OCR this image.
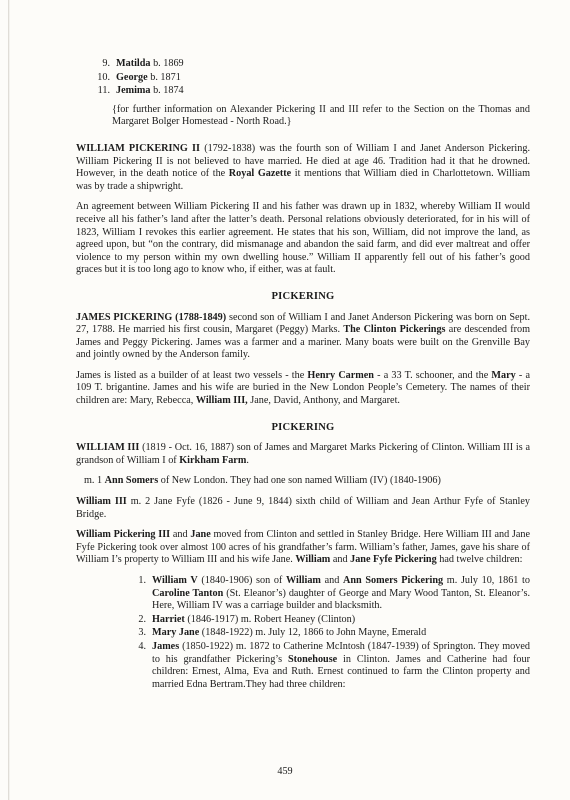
9. Matilda b. 1869
10. George b. 1871
11. Jemima b. 1874

{for further information on Alexander Pickering II and III refer to the Section on the Thomas and Margaret Bolger Homestead - North Road.}

WILLIAM PICKERING II (1792-1838) was the fourth son of William I and Janet Anderson Pickering. William Pickering II is not believed to have married. He died at age 46. Tradition had it that he drowned. However, in the death notice of the Royal Gazette it mentions that William died in Charlottetown. William was by trade a shipwright.

An agreement between William Pickering II and his father was drawn up in 1832, whereby William II would receive all his father’s land after the latter’s death. Personal relations obviously deteriorated, for in his will of 1823, William I revokes this earlier agreement. He states that his son, William, did not improve the land, as agreed upon, but “on the contrary, did mismanage and abandon the said farm, and did ever maltreat and offer violence to my person within my own dwelling house.” William II apparently fell out of his father’s good graces but it is too long ago to know who, if either, was at fault.

PICKERING

JAMES PICKERING (1788-1849) second son of William I and Janet Anderson Pickering was born on Sept. 27, 1788. He married his first cousin, Margaret (Peggy) Marks. The Clinton Pickerings are descended from James and Peggy Pickering. James was a farmer and a mariner. Many boats were built on the Grenville Bay and jointly owned by the Anderson family.

James is listed as a builder of at least two vessels - the Henry Carmen - a 33 T. schooner, and the Mary - a 109 T. brigantine. James and his wife are buried in the New London People’s Cemetery. The names of their children are: Mary, Rebecca, William III, Jane, David, Anthony, and Margaret.

PICKERING

WILLIAM III (1819 - Oct. 16, 1887) son of James and Margaret Marks Pickering of Clinton. William III is a grandson of William I of Kirkham Farm.

m. 1 Ann Somers of New London. They had one son named William (IV) (1840-1906)

William III m. 2 Jane Fyfe (1826 - June 9, 1844) sixth child of William and Jean Arthur Fyfe of Stanley Bridge.

William Pickering III and Jane moved from Clinton and settled in Stanley Bridge. Here William III and Jane Fyfe Pickering took over almost 100 acres of his grandfather’s farm. William’s father, James, gave his share of William I’s property to William III and his wife Jane. William and Jane Fyfe Pickering had twelve children:

1. William V (1840-1906) son of William and Ann Somers Pickering m. July 10, 1861 to Caroline Tanton (St. Eleanor’s) daughter of George and Mary Wood Tanton, St. Eleanor’s. Here, William IV was a carriage builder and blacksmith.
2. Harriet (1846-1917) m. Robert Heaney (Clinton)
3. Mary Jane (1848-1922) m. July 12, 1866 to John Mayne, Emerald
4. James (1850-1922) m. 1872 to Catherine McIntosh (1847-1939) of Springton. They moved to his grandfather Pickering’s Stonehouse in Clinton. James and Catherine had four children: Ernest, Alma, Eva and Ruth. Ernest continued to farm the Clinton property and married Edna Bertram.They had three children:
459
